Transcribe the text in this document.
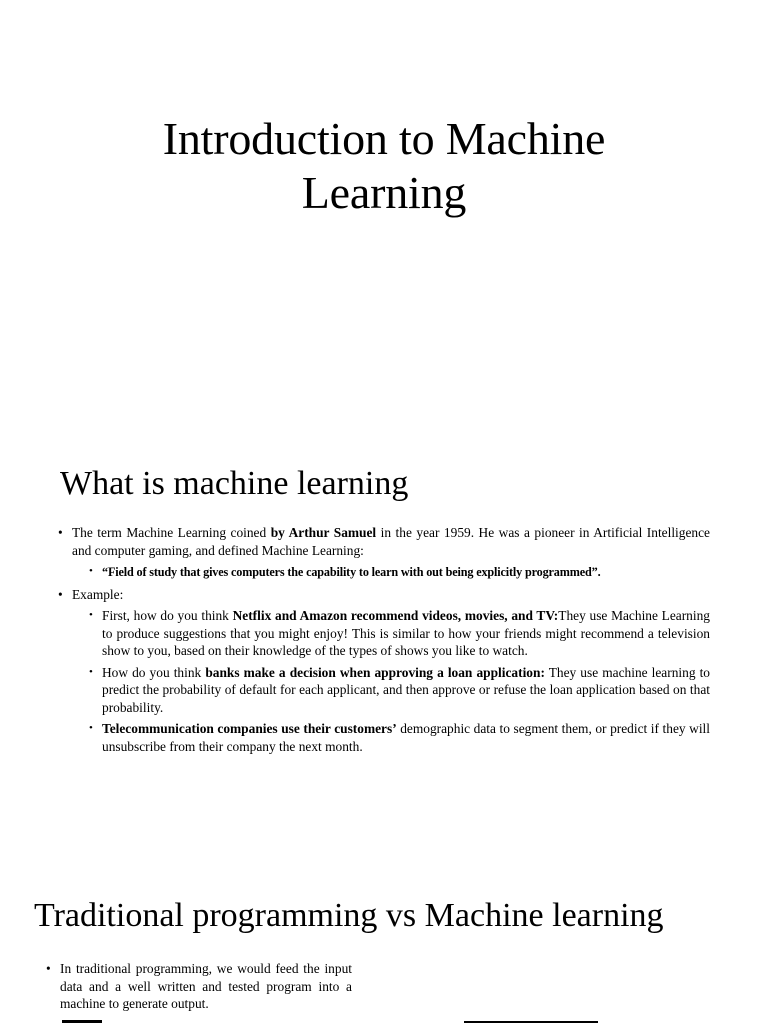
Introduction to Machine
Learning
What is machine learning
• The term Machine Learning coined by Arthur Samuel in the year 1959. He was a pioneer in Artificial Intelligence and computer gaming, and defined Machine Learning:
• “Field of study that gives computers the capability to learn with out being explicitly programmed”.
• Example:
• First, how do you think Netflix and Amazon recommend videos, movies, and TV:They use Machine Learning to produce suggestions that you might enjoy! This is similar to how your friends might recommend a television show to you, based on their knowledge of the types of shows you like to watch.
• How do you think banks make a decision when approving a loan application: They use machine learning to predict the probability of default for each applicant, and then approve or refuse the loan application based on that probability.
• Telecommunication companies use their customers’ demographic data to segment them, or predict if they will unsubscribe from their company the next month.
Traditional programming vs Machine learning
• In traditional programming, we would feed the input data and a well written and tested program into a machine to generate output.
